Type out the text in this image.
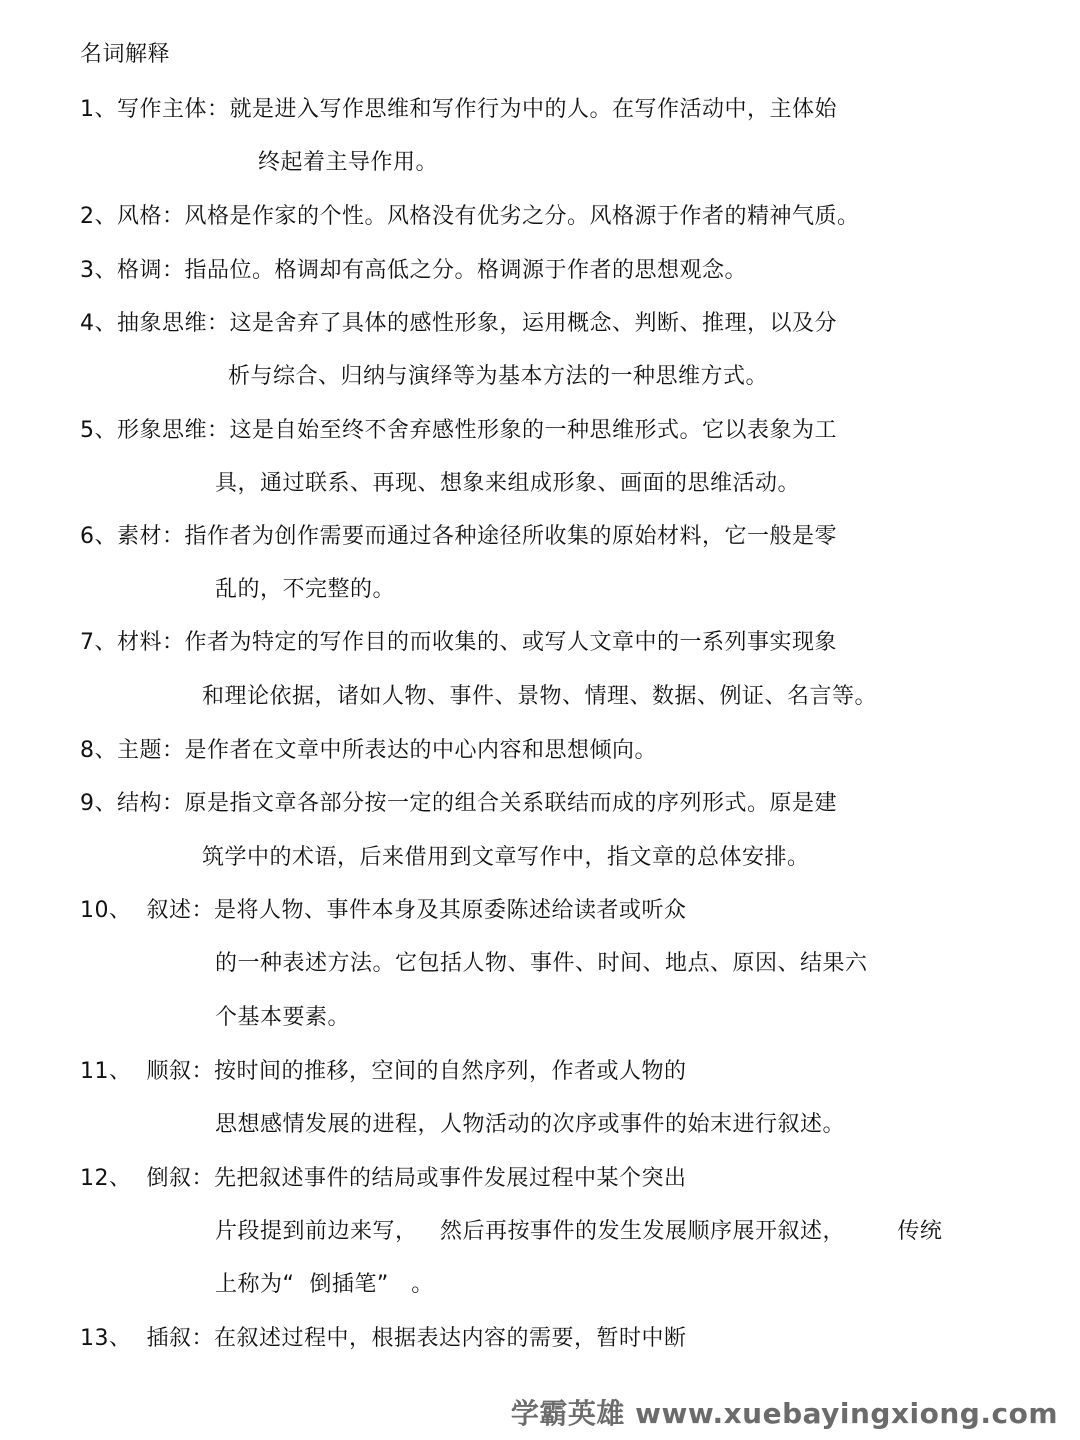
名词解释
1、写作主体：就是进入写作思维和写作行为中的人。在写作活动中，主体始
终起着主导作用。
2、风格：风格是作家的个性。风格没有优劣之分。风格源于作者的精神气质。
3、格调：指品位。格调却有高低之分。格调源于作者的思想观念。
4、抽象思维：这是舍弃了具体的感性形象，运用概念、判断、推理，以及分
析与综合、归纳与演绎等为基本方法的一种思维方式。
5、形象思维：这是自始至终不舍弃感性形象的一种思维形式。它以表象为工
具，通过联系、再现、想象来组成形象、画面的思维活动。
6、素材：指作者为创作需要而通过各种途径所收集的原始材料，它一般是零
乱的，不完整的。
7、材料：作者为特定的写作目的而收集的、或写人文章中的一系列事实现象
和理论依据，诸如人物、事件、景物、情理、数据、例证、名言等。
8、主题：是作者在文章中所表达的中心内容和思想倾向。
9、结构：原是指文章各部分按一定的组合关系联结而成的序列形式。原是建
筑学中的术语，后来借用到文章写作中，指文章的总体安排。
10、  叙述：是将人物、事件本身及其原委陈述给读者或听众
的一种表述方法。它包括人物、事件、时间、地点、原因、结果六
个基本要素。
11、  顺叙：按时间的推移，空间的自然序列，作者或人物的
思想感情发展的进程，人物活动的次序或事件的始末进行叙述。
12、  倒叙：先把叙述事件的结局或事件发展过程中某个突出
片段提到前边来写，   然后再按事件的发生发展顺序展开叙述，       传统
上称为“  倒插笔”   。
13、  插叙：在叙述过程中，根据表达内容的需要，暂时中断
学霸英雄 www.xuebayingxiong.com
